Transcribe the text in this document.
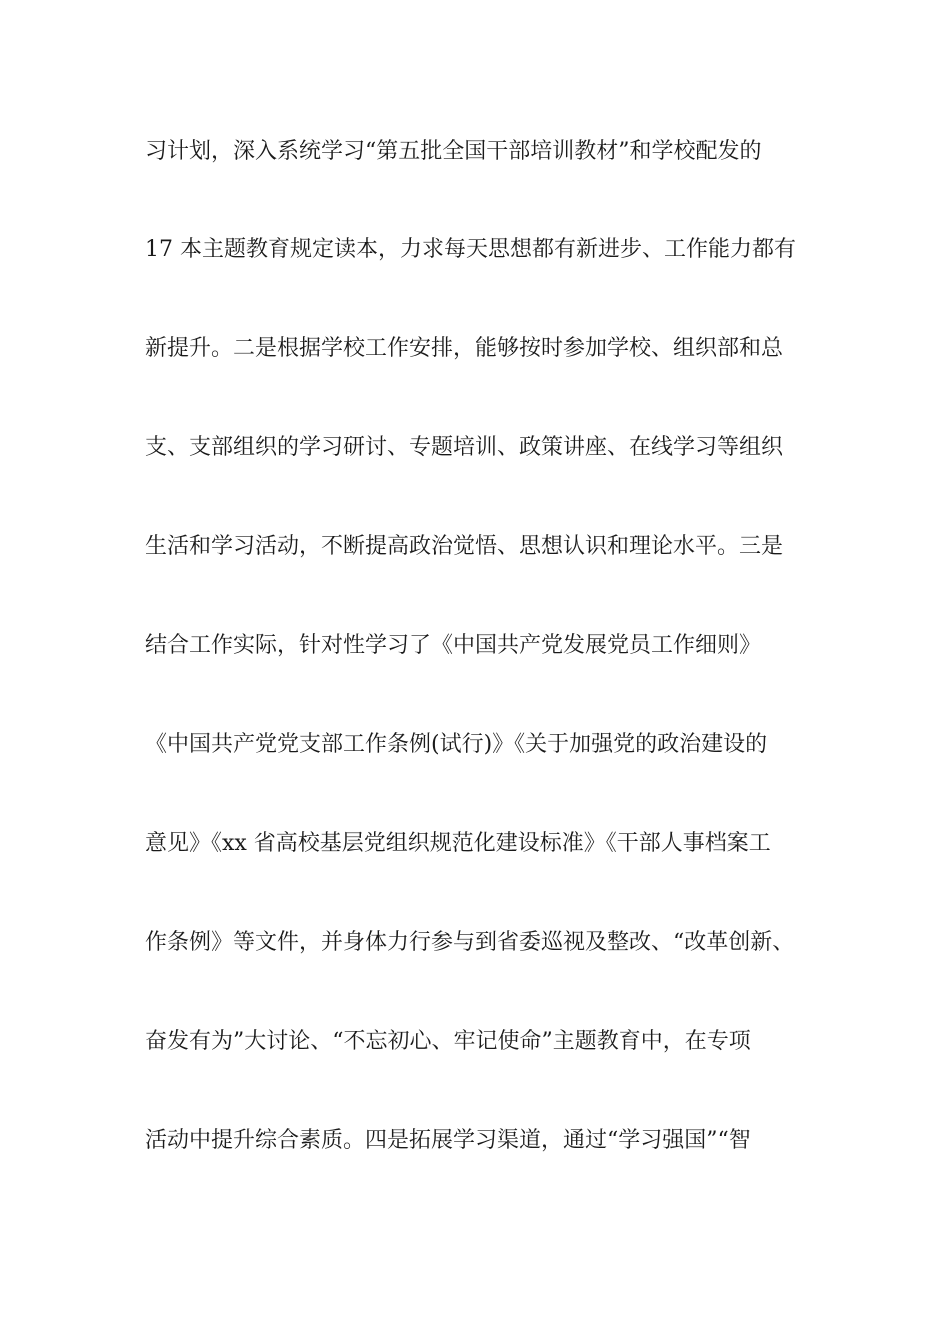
习计划，深入系统学习“第五批全国干部培训教材”和学校配发的

17 本主题教育规定读本，力求每天思想都有新进步、工作能力都有

新提升。二是根据学校工作安排，能够按时参加学校、组织部和总

支、支部组织的学习研讨、专题培训、政策讲座、在线学习等组织

生活和学习活动，不断提高政治觉悟、思想认识和理论水平。三是

结合工作实际，针对性学习了《中国共产党发展党员工作细则》

《中国共产党党支部工作条例(试行)》《关于加强党的政治建设的

意见》《xx 省高校基层党组织规范化建设标准》《干部人事档案工

作条例》等文件，并身体力行参与到省委巡视及整改、“改革创新、

奋发有为”大讨论、“不忘初心、牢记使命”主题教育中，在专项

活动中提升综合素质。四是拓展学习渠道，通过“学习强国”“智
